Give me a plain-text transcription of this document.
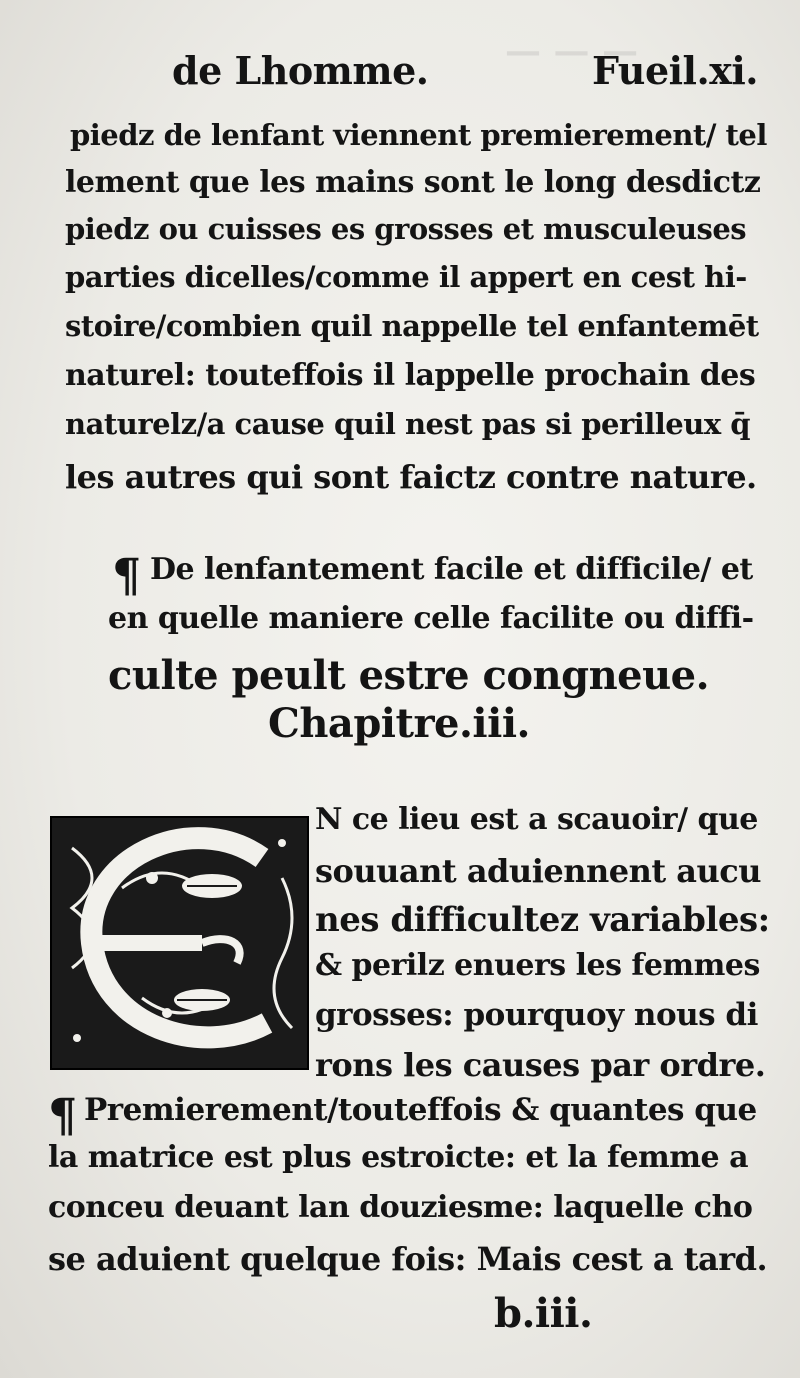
— — —
de Lhomme.	Fueil.xi.
piedz de lenfant viennent premierement/ tel
lement que les mains sont le long desdictz
piedz ou cuisses es grosses et musculeuses
parties dicelles/comme il appert en cest hi-
stoire/combien quil nappelle tel enfantemēt
naturel: touteffois il lappelle prochain des
naturelz/a cause quil nest pas si perilleux q̄
les autres qui sont faictz contre nature.
¶ De lenfantement facile et difficile/ et
en quelle maniere celle facilite ou diffi-
culte peult estre congneue.
Chapitre.iii.
N ce lieu est a scauoir/ que
souuant aduiennent aucu
nes difficultez variables:
& perilz enuers les femmes
grosses: pourquoy nous di
rons les causes par ordre.
¶ Premierement/touteffois & quantes que
la matrice est plus estroicte: et la femme a
conceu deuant lan douziesme: laquelle cho
se aduient quelque fois: Mais cest a tard.
b.iii.
